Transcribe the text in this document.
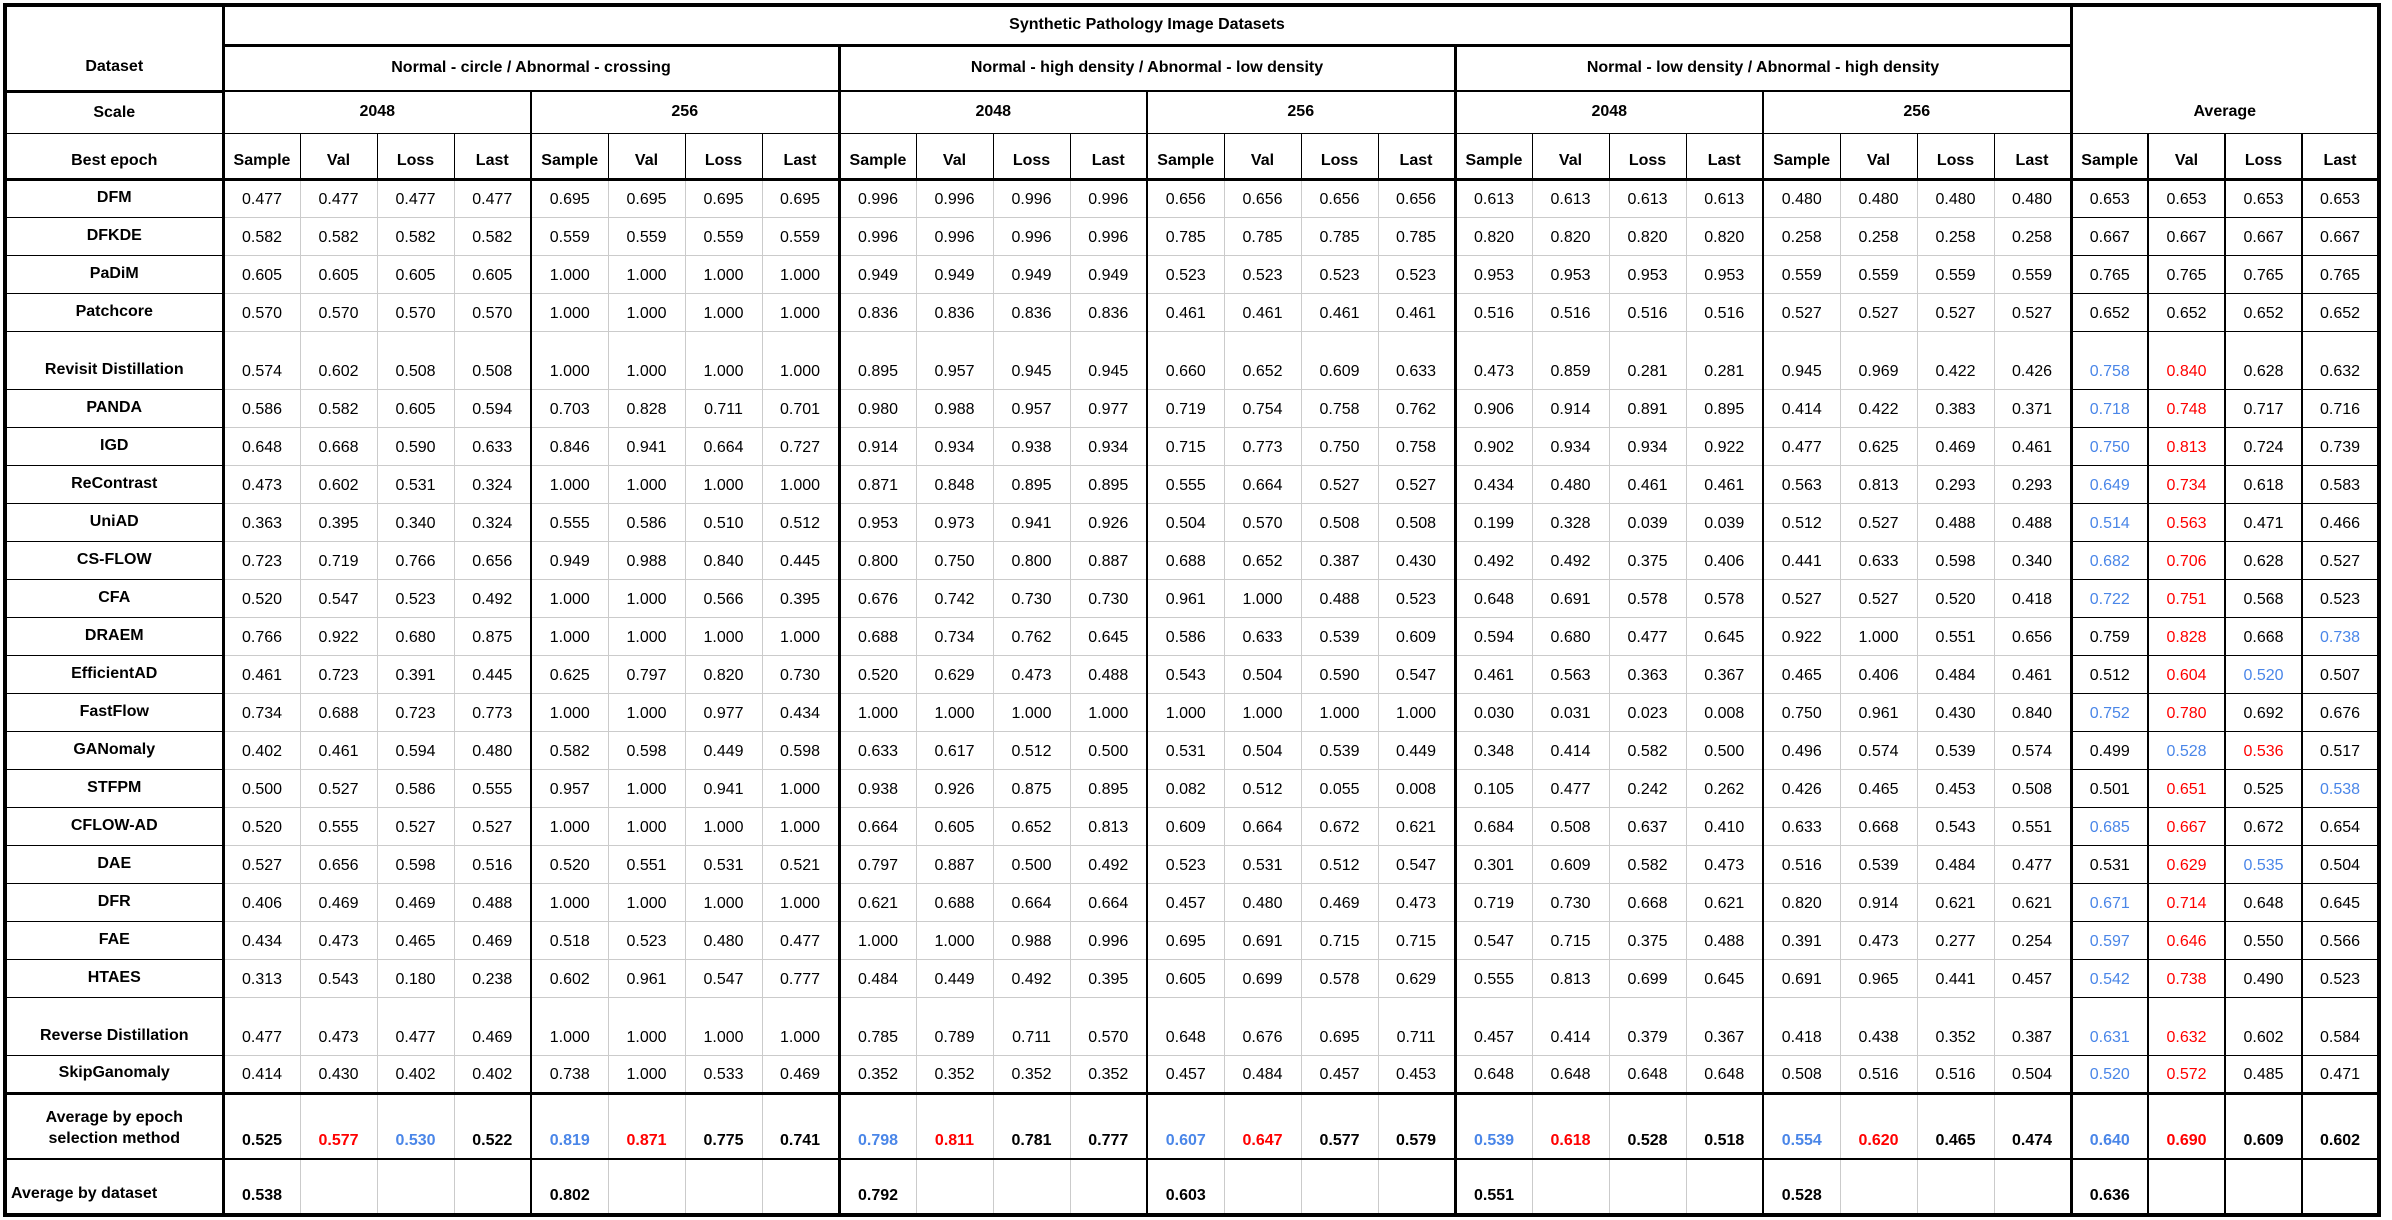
Dataset	Synthetic Pathology Image Datasets																								Average			
	Normal - circle / Abnormal - crossing								Normal - high density / Abnormal - low density								Normal - low density / Abnormal - high density											
Scale	2048				256				2048				256				2048				256							
Best epoch	Sample	Val	Loss	Last	Sample	Val	Loss	Last	Sample	Val	Loss	Last	Sample	Val	Loss	Last	Sample	Val	Loss	Last	Sample	Val	Loss	Last	Sample	Val	Loss	Last
DFM	0.477	0.477	0.477	0.477	0.695	0.695	0.695	0.695	0.996	0.996	0.996	0.996	0.656	0.656	0.656	0.656	0.613	0.613	0.613	0.613	0.480	0.480	0.480	0.480	0.653	0.653	0.653	0.653
DFKDE	0.582	0.582	0.582	0.582	0.559	0.559	0.559	0.559	0.996	0.996	0.996	0.996	0.785	0.785	0.785	0.785	0.820	0.820	0.820	0.820	0.258	0.258	0.258	0.258	0.667	0.667	0.667	0.667
PaDiM	0.605	0.605	0.605	0.605	1.000	1.000	1.000	1.000	0.949	0.949	0.949	0.949	0.523	0.523	0.523	0.523	0.953	0.953	0.953	0.953	0.559	0.559	0.559	0.559	0.765	0.765	0.765	0.765
Patchcore	0.570	0.570	0.570	0.570	1.000	1.000	1.000	1.000	0.836	0.836	0.836	0.836	0.461	0.461	0.461	0.461	0.516	0.516	0.516	0.516	0.527	0.527	0.527	0.527	0.652	0.652	0.652	0.652
Revisit Distillation	0.574	0.602	0.508	0.508	1.000	1.000	1.000	1.000	0.895	0.957	0.945	0.945	0.660	0.652	0.609	0.633	0.473	0.859	0.281	0.281	0.945	0.969	0.422	0.426	0.758	0.840	0.628	0.632
PANDA	0.586	0.582	0.605	0.594	0.703	0.828	0.711	0.701	0.980	0.988	0.957	0.977	0.719	0.754	0.758	0.762	0.906	0.914	0.891	0.895	0.414	0.422	0.383	0.371	0.718	0.748	0.717	0.716
IGD	0.648	0.668	0.590	0.633	0.846	0.941	0.664	0.727	0.914	0.934	0.938	0.934	0.715	0.773	0.750	0.758	0.902	0.934	0.934	0.922	0.477	0.625	0.469	0.461	0.750	0.813	0.724	0.739
ReContrast	0.473	0.602	0.531	0.324	1.000	1.000	1.000	1.000	0.871	0.848	0.895	0.895	0.555	0.664	0.527	0.527	0.434	0.480	0.461	0.461	0.563	0.813	0.293	0.293	0.649	0.734	0.618	0.583
UniAD	0.363	0.395	0.340	0.324	0.555	0.586	0.510	0.512	0.953	0.973	0.941	0.926	0.504	0.570	0.508	0.508	0.199	0.328	0.039	0.039	0.512	0.527	0.488	0.488	0.514	0.563	0.471	0.466
CS-FLOW	0.723	0.719	0.766	0.656	0.949	0.988	0.840	0.445	0.800	0.750	0.800	0.887	0.688	0.652	0.387	0.430	0.492	0.492	0.375	0.406	0.441	0.633	0.598	0.340	0.682	0.706	0.628	0.527
CFA	0.520	0.547	0.523	0.492	1.000	1.000	0.566	0.395	0.676	0.742	0.730	0.730	0.961	1.000	0.488	0.523	0.648	0.691	0.578	0.578	0.527	0.527	0.520	0.418	0.722	0.751	0.568	0.523
DRAEM	0.766	0.922	0.680	0.875	1.000	1.000	1.000	1.000	0.688	0.734	0.762	0.645	0.586	0.633	0.539	0.609	0.594	0.680	0.477	0.645	0.922	1.000	0.551	0.656	0.759	0.828	0.668	0.738
EfficientAD	0.461	0.723	0.391	0.445	0.625	0.797	0.820	0.730	0.520	0.629	0.473	0.488	0.543	0.504	0.590	0.547	0.461	0.563	0.363	0.367	0.465	0.406	0.484	0.461	0.512	0.604	0.520	0.507
FastFlow	0.734	0.688	0.723	0.773	1.000	1.000	0.977	0.434	1.000	1.000	1.000	1.000	1.000	1.000	1.000	1.000	0.030	0.031	0.023	0.008	0.750	0.961	0.430	0.840	0.752	0.780	0.692	0.676
GANomaly	0.402	0.461	0.594	0.480	0.582	0.598	0.449	0.598	0.633	0.617	0.512	0.500	0.531	0.504	0.539	0.449	0.348	0.414	0.582	0.500	0.496	0.574	0.539	0.574	0.499	0.528	0.536	0.517
STFPM	0.500	0.527	0.586	0.555	0.957	1.000	0.941	1.000	0.938	0.926	0.875	0.895	0.082	0.512	0.055	0.008	0.105	0.477	0.242	0.262	0.426	0.465	0.453	0.508	0.501	0.651	0.525	0.538
CFLOW-AD	0.520	0.555	0.527	0.527	1.000	1.000	1.000	1.000	0.664	0.605	0.652	0.813	0.609	0.664	0.672	0.621	0.684	0.508	0.637	0.410	0.633	0.668	0.543	0.551	0.685	0.667	0.672	0.654
DAE	0.527	0.656	0.598	0.516	0.520	0.551	0.531	0.521	0.797	0.887	0.500	0.492	0.523	0.531	0.512	0.547	0.301	0.609	0.582	0.473	0.516	0.539	0.484	0.477	0.531	0.629	0.535	0.504
DFR	0.406	0.469	0.469	0.488	1.000	1.000	1.000	1.000	0.621	0.688	0.664	0.664	0.457	0.480	0.469	0.473	0.719	0.730	0.668	0.621	0.820	0.914	0.621	0.621	0.671	0.714	0.648	0.645
FAE	0.434	0.473	0.465	0.469	0.518	0.523	0.480	0.477	1.000	1.000	0.988	0.996	0.695	0.691	0.715	0.715	0.547	0.715	0.375	0.488	0.391	0.473	0.277	0.254	0.597	0.646	0.550	0.566
HTAES	0.313	0.543	0.180	0.238	0.602	0.961	0.547	0.777	0.484	0.449	0.492	0.395	0.605	0.699	0.578	0.629	0.555	0.813	0.699	0.645	0.691	0.965	0.441	0.457	0.542	0.738	0.490	0.523
Reverse Distillation	0.477	0.473	0.477	0.469	1.000	1.000	1.000	1.000	0.785	0.789	0.711	0.570	0.648	0.676	0.695	0.711	0.457	0.414	0.379	0.367	0.418	0.438	0.352	0.387	0.631	0.632	0.602	0.584
SkipGanomaly	0.414	0.430	0.402	0.402	0.738	1.000	0.533	0.469	0.352	0.352	0.352	0.352	0.457	0.484	0.457	0.453	0.648	0.648	0.648	0.648	0.508	0.516	0.516	0.504	0.520	0.572	0.485	0.471
Average by epoch selection method	0.525	0.577	0.530	0.522	0.819	0.871	0.775	0.741	0.798	0.811	0.781	0.777	0.607	0.647	0.577	0.579	0.539	0.618	0.528	0.518	0.554	0.620	0.465	0.474	0.640	0.690	0.609	0.602
Average by dataset	0.538				0.802				0.792				0.603				0.551				0.528				0.636			
